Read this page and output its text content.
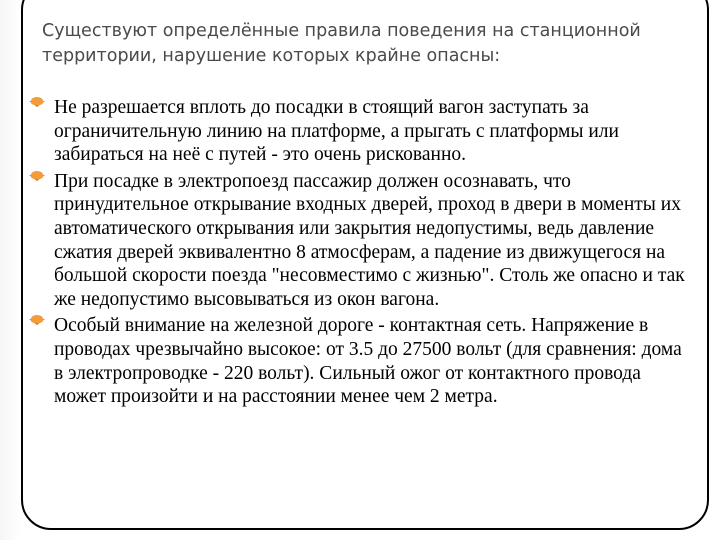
Существуют определённые правила поведения на станционной территории, нарушение которых крайне опасны:
Не разрешается вплоть до посадки в стоящий вагон заступать за ограничительную линию на платформе, а прыгать с платформы или забираться на неё с путей - это очень рискованно.
При посадке в электропоезд пассажир должен осознавать, что принудительное открывание входных дверей, проход в двери в моменты их автоматического открывания или закрытия недопустимы, ведь давление сжатия дверей эквивалентно 8 атмосферам, а падение из движущегося на большой скорости поезда "несовместимо с жизнью". Столь же опасно и так же недопустимо высовываться из окон вагона.
Особый внимание на железной дороге - контактная сеть. Напряжение в проводах чрезвычайно высокое: от 3.5 до 27500 вольт (для сравнения: дома в электропроводке - 220 вольт). Сильный ожог от контактного провода может произойти и на расстоянии менее чем 2 метра.
